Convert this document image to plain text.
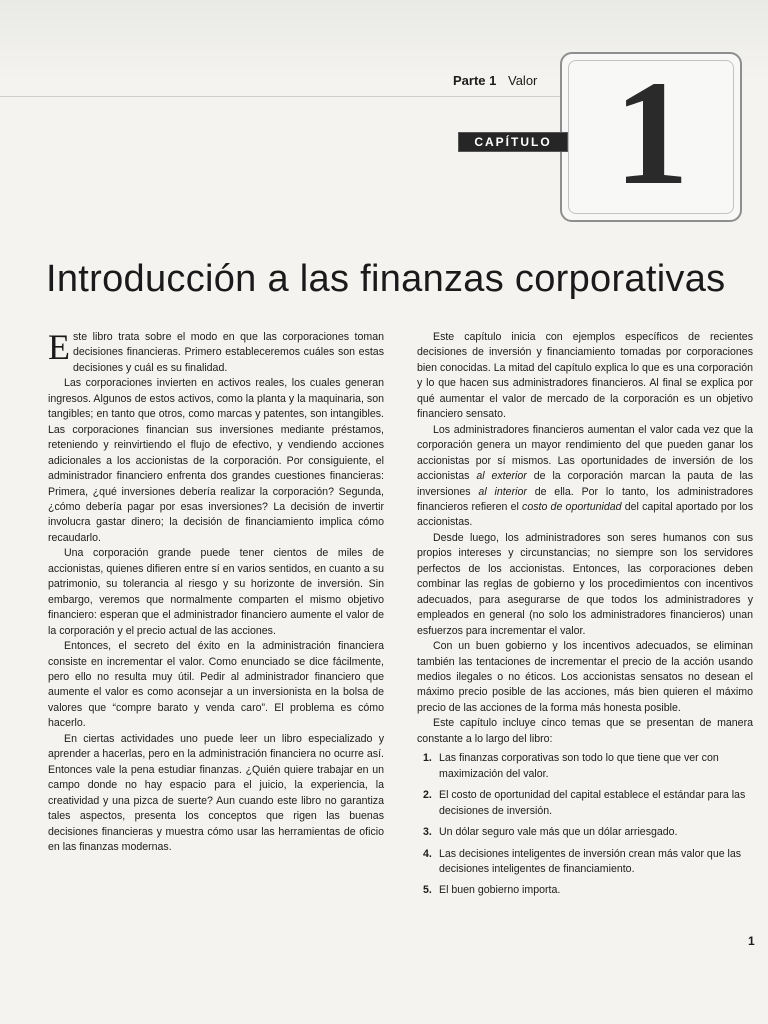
Parte 1 Valor 1
CAPÍTULO
Introducción a las finanzas corporativas

Este libro trata sobre el modo en que las corporaciones toman decisiones financieras. Primero estableceremos cuáles son estas decisiones y cuál es su finalidad.

Las corporaciones invierten en activos reales, los cuales generan ingresos. Algunos de estos activos, como la planta y la maquinaria, son tangibles; en tanto que otros, como marcas y patentes, son intangibles. Las corporaciones financian sus inversiones mediante préstamos, reteniendo y reinvirtiendo el flujo de efectivo, y vendiendo acciones adicionales a los accionistas de la corporación. Por consiguiente, el administrador financiero enfrenta dos grandes cuestiones financieras: Primera, ¿qué inversiones debería realizar la corporación? Segunda, ¿cómo debería pagar por esas inversiones? La decisión de invertir involucra gastar dinero; la decisión de financiamiento implica cómo recaudarlo.

Una corporación grande puede tener cientos de miles de accionistas, quienes difieren entre sí en varios sentidos, en cuanto a su patrimonio, su tolerancia al riesgo y su horizonte de inversión. Sin embargo, veremos que normalmente comparten el mismo objetivo financiero: esperan que el administrador financiero aumente el valor de la corporación y el precio actual de las acciones.

Entonces, el secreto del éxito en la administración financiera consiste en incrementar el valor. Como enunciado se dice fácilmente, pero ello no resulta muy útil. Pedir al administrador financiero que aumente el valor es como aconsejar a un inversionista en la bolsa de valores que “compre barato y venda caro”. El problema es cómo hacerlo.

En ciertas actividades uno puede leer un libro especializado y aprender a hacerlas, pero en la administración financiera no ocurre así. Entonces vale la pena estudiar finanzas. ¿Quién quiere trabajar en un campo donde no hay espacio para el juicio, la experiencia, la creatividad y una pizca de suerte? Aun cuando este libro no garantiza tales aspectos, presenta los conceptos que rigen las buenas decisiones financieras y muestra cómo usar las herramientas de oficio en las finanzas modernas.

Este capítulo inicia con ejemplos específicos de recientes decisiones de inversión y financiamiento tomadas por corporaciones bien conocidas. La mitad del capítulo explica lo que es una corporación y lo que hacen sus administradores financieros. Al final se explica por qué aumentar el valor de mercado de la corporación es un objetivo financiero sensato.

Los administradores financieros aumentan el valor cada vez que la corporación genera un mayor rendimiento del que pueden ganar los accionistas por sí mismos. Las oportunidades de inversión de los accionistas al exterior de la corporación marcan la pauta de las inversiones al interior de ella. Por lo tanto, los administradores financieros refieren el costo de oportunidad del capital aportado por los accionistas.

Desde luego, los administradores son seres humanos con sus propios intereses y circunstancias; no siempre son los servidores perfectos de los accionistas. Entonces, las corporaciones deben combinar las reglas de gobierno y los procedimientos con incentivos adecuados, para asegurarse de que todos los administradores y empleados en general (no solo los administradores financieros) unan esfuerzos para incrementar el valor.

Con un buen gobierno y los incentivos adecuados, se eliminan también las tentaciones de incrementar el precio de la acción usando medios ilegales o no éticos. Los accionistas sensatos no desean el máximo precio posible de las acciones, más bien quieren el máximo precio de las acciones de la forma más honesta posible.

Este capítulo incluye cinco temas que se presentan de manera constante a lo largo del libro:

1. Las finanzas corporativas son todo lo que tiene que ver con maximización del valor.
2. El costo de oportunidad del capital establece el estándar para las decisiones de inversión.
3. Un dólar seguro vale más que un dólar arriesgado.
4. Las decisiones inteligentes de inversión crean más valor que las decisiones inteligentes de financiamiento.
5. El buen gobierno importa.
1
